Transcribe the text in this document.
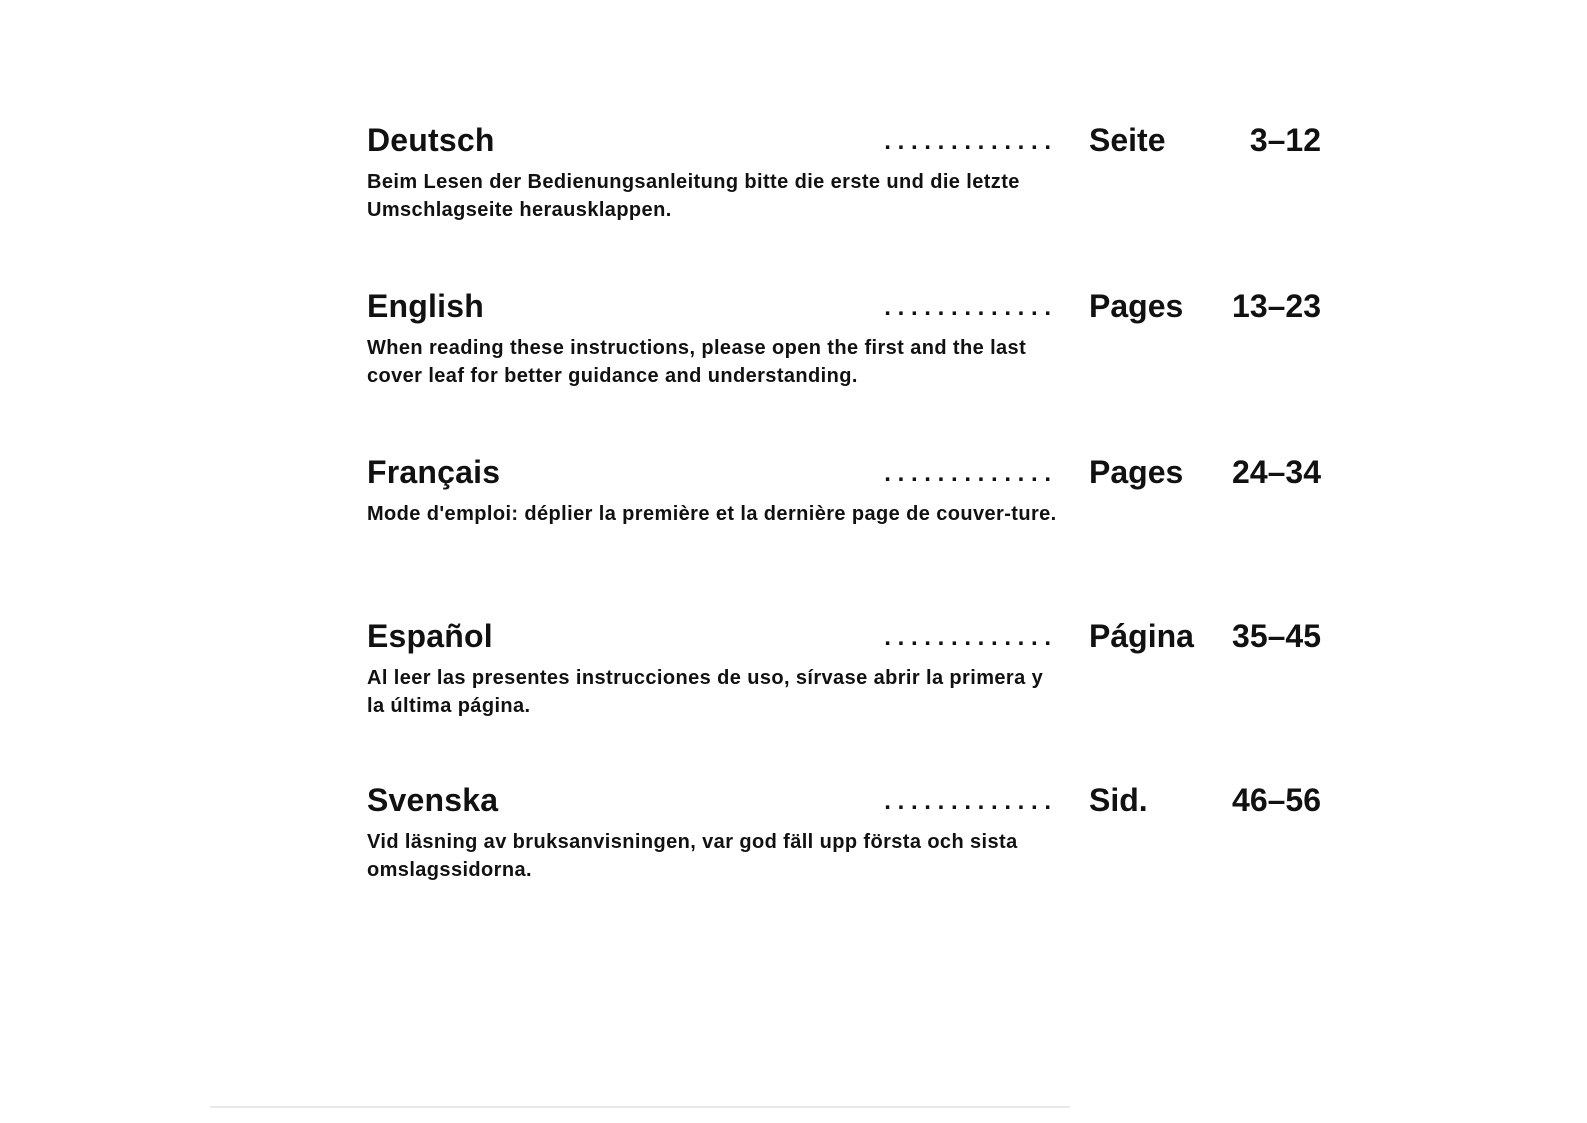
Deutsch	. . . . . . . . . . . . . Seite	3–12
Beim Lesen der Bedienungsanleitung bitte die erste und die letzte Umschlagseite herausklappen.
English	. . . . . . . . . . . . . Pages 13–23
When reading these instructions, please open the first and the last cover leaf for better guidance and understanding.
Français	. . . . . . . . . . . . . Pages 24–34
Mode d'emploi: déplier la première et la dernière page de couver-ture.
Español	. . . . . . . . . . . . . Página 35–45
Al leer las presentes instrucciones de uso, sírvase abrir la primera y la última página.
Svenska	. . . . . . . . . . . . . Sid.	46–56
Vid läsning av bruksanvisningen, var god fäll upp första och sista omslagssidorna.
